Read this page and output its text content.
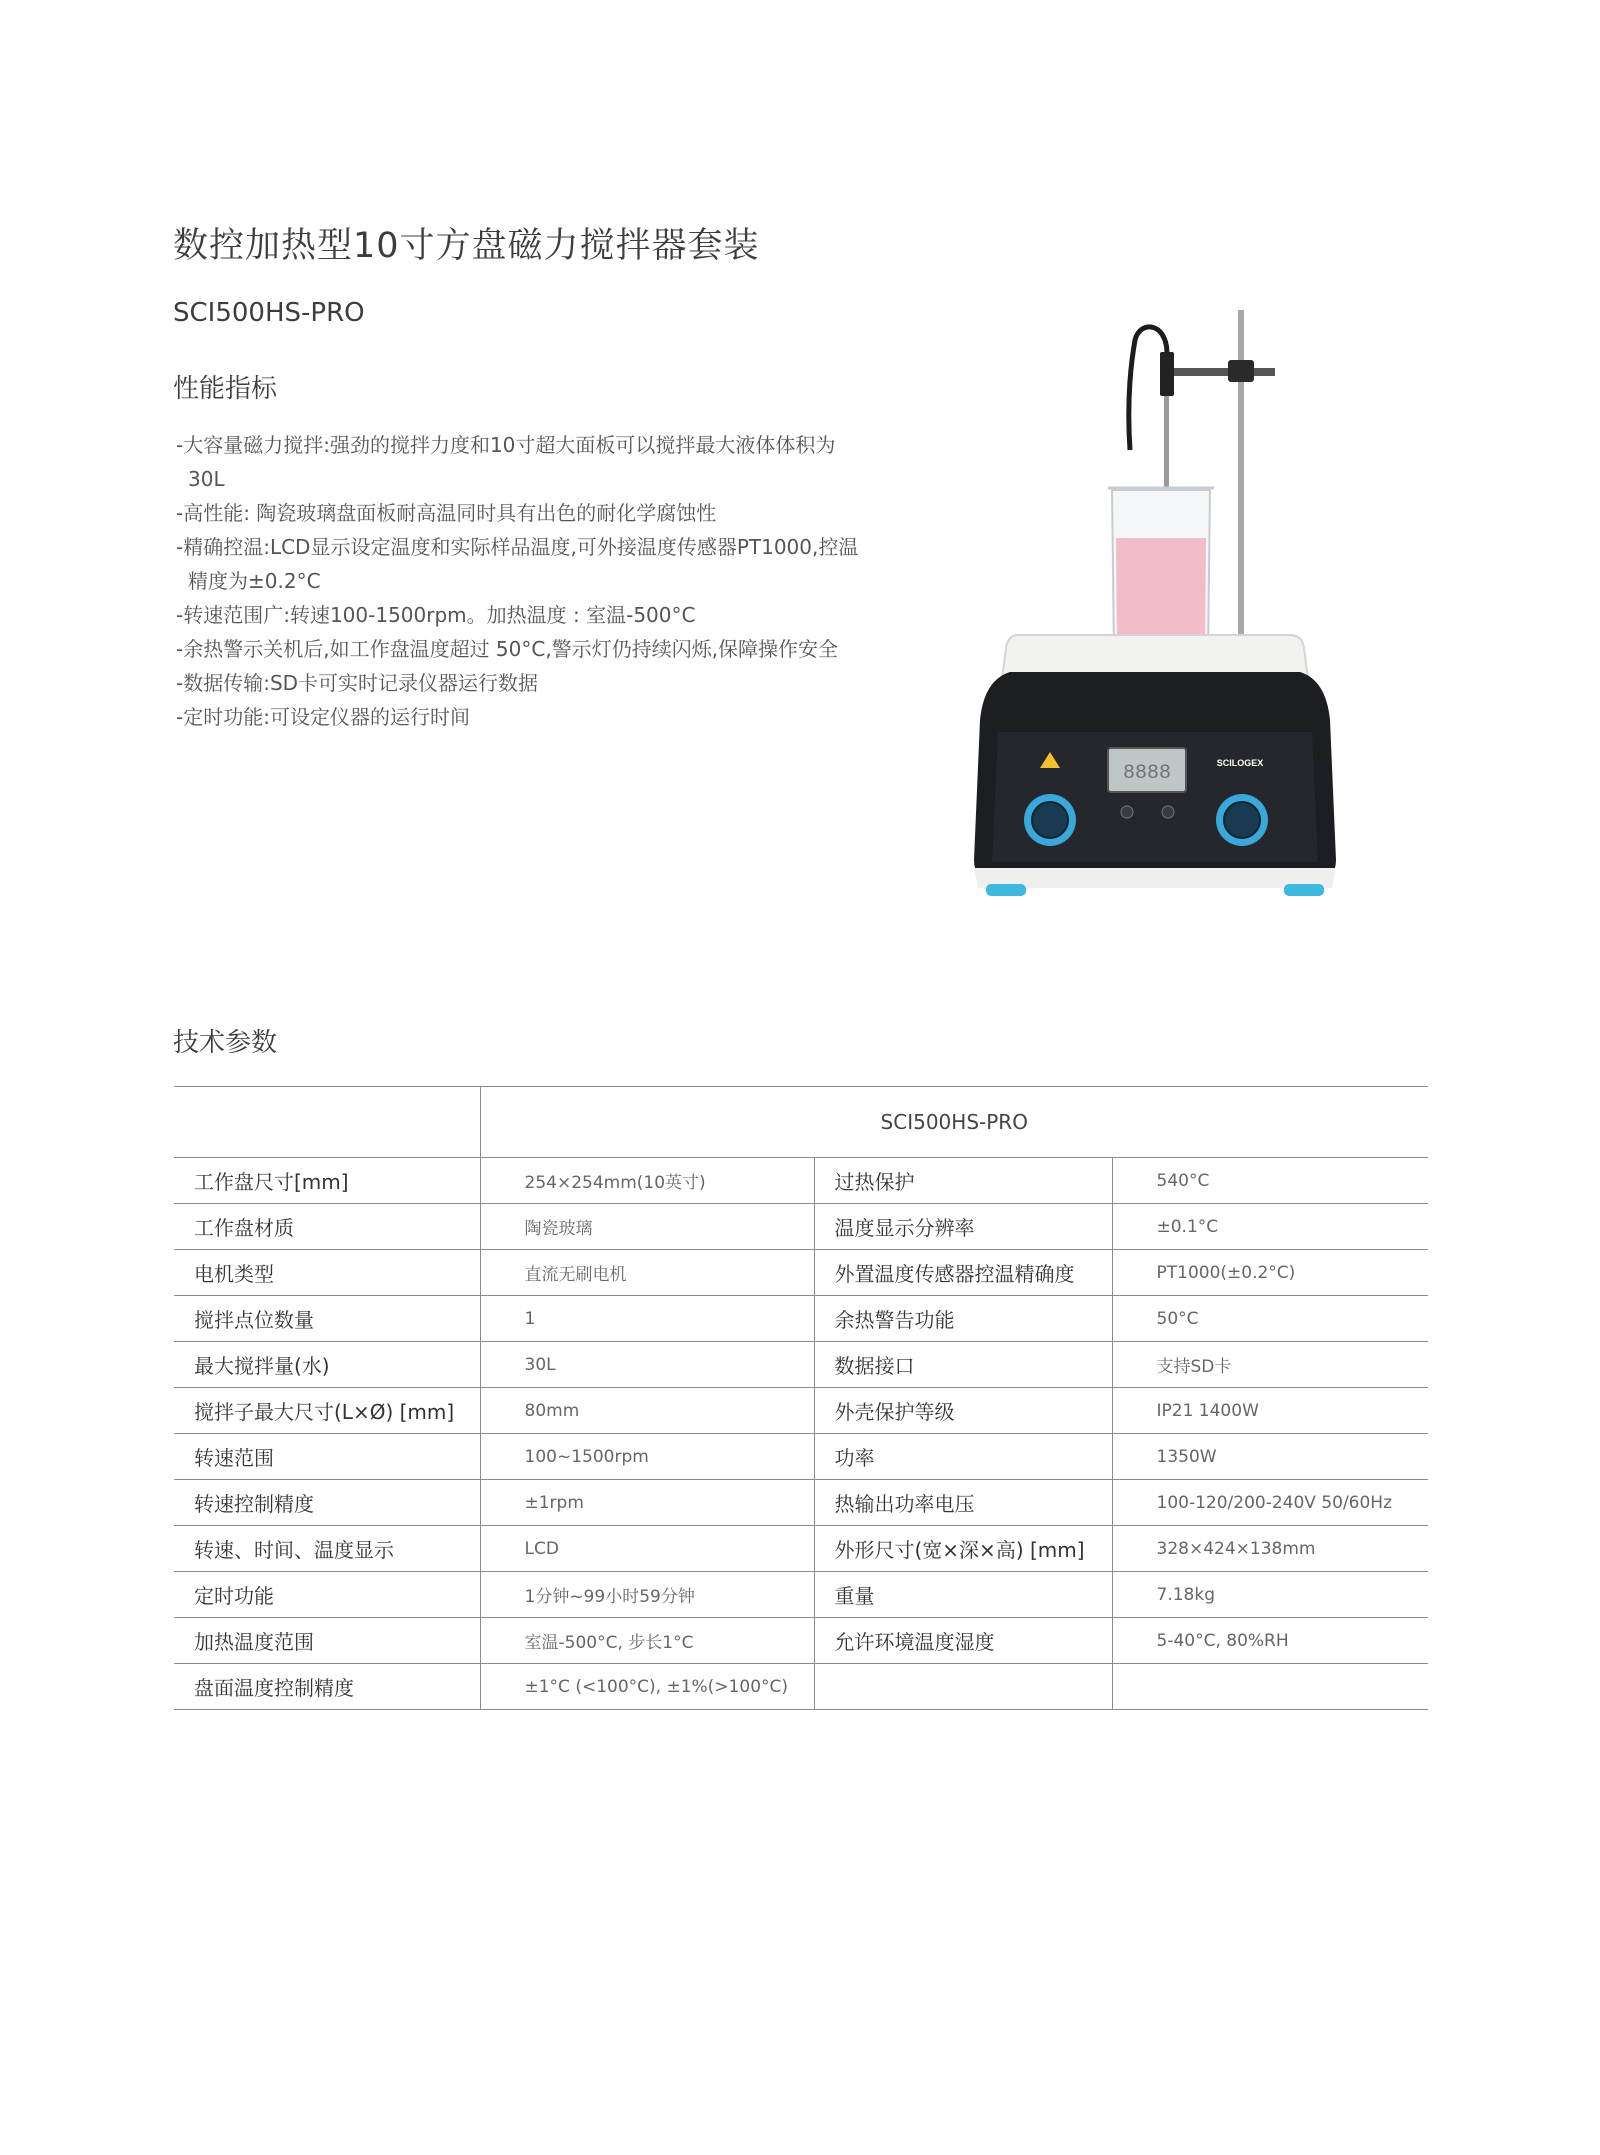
数控加热型10寸方盘磁力搅拌器套装
SCI500HS-PRO
性能指标
-大容量磁力搅拌:强劲的搅拌力度和10寸超大面板可以搅拌最大液体体积为30L
-高性能: 陶瓷玻璃盘面板耐高温同时具有出色的耐化学腐蚀性
-精确控温:LCD显示设定温度和实际样品温度,可外接温度传感器PT1000,控温精度为±0.2°C
-转速范围广:转速100-1500rpm。加热温度 : 室温-500°C
-余热警示关机后,如工作盘温度超过 50°C,警示灯仍持续闪烁,保障操作安全
-数据传输:SD卡可实时记录仪器运行数据
-定时功能:可设定仪器的运行时间
8888	SCILOGEX
技术参数
	SCI500HS-PRO		
工作盘尺寸[mm]	254×254mm(10英寸)	过热保护	540°C
工作盘材质	陶瓷玻璃	温度显示分辨率	±0.1°C
电机类型	直流无刷电机	外置温度传感器控温精确度	PT1000(±0.2°C)
搅拌点位数量	1	余热警告功能	50°C
最大搅拌量(水)	30L	数据接口	支持SD卡
搅拌子最大尺寸(L×Ø) [mm]	80mm	外壳保护等级	IP21 1400W
转速范围	100~1500rpm	功率	1350W
转速控制精度	±1rpm	热输出功率电压	100-120/200-240V 50/60Hz
转速、时间、温度显示	LCD	外形尺寸(宽×深×高) [mm]	328×424×138mm
定时功能	1分钟~99小时59分钟	重量	7.18kg
加热温度范围	室温-500°C, 步长1°C	允许环境温度湿度	5-40°C, 80%RH
盘面温度控制精度	±1°C (<100°C), ±1%(>100°C)		
